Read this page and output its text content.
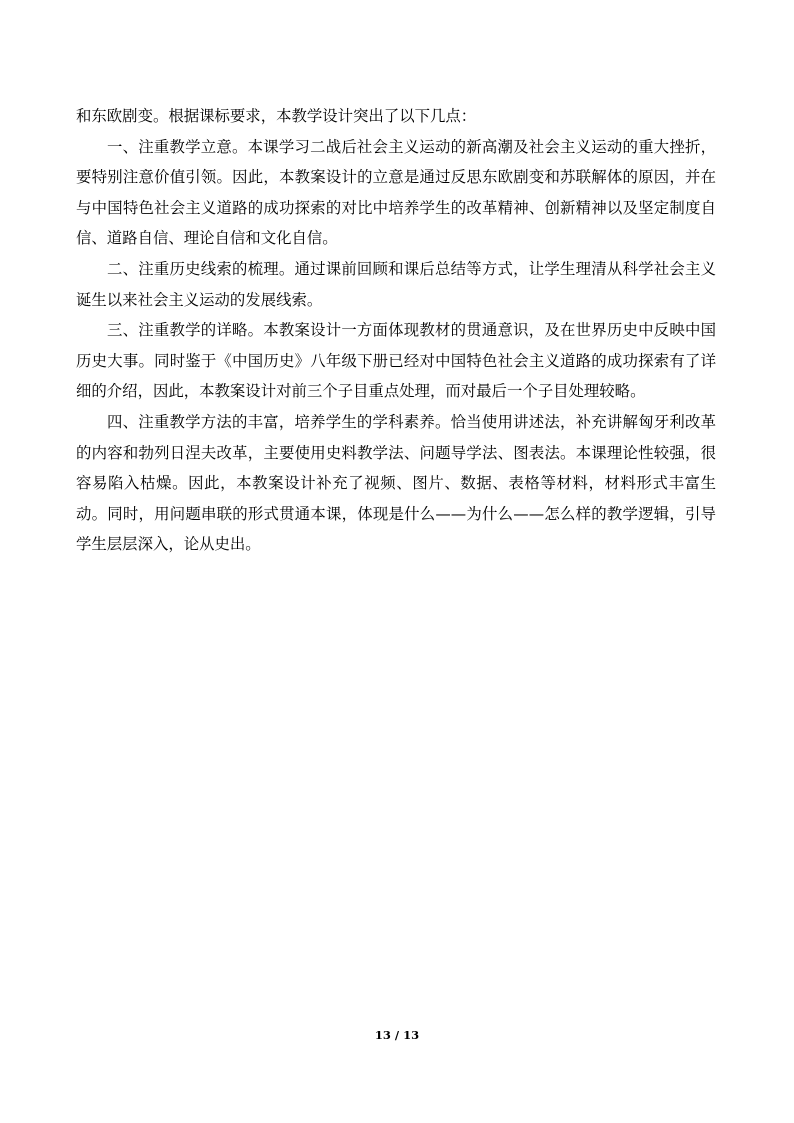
和东欧剧变。根据课标要求，本教学设计突出了以下几点：

一、注重教学立意。本课学习二战后社会主义运动的新高潮及社会主义运动的重大挫折，要特别注意价值引领。因此，本教案设计的立意是通过反思东欧剧变和苏联解体的原因，并在与中国特色社会主义道路的成功探索的对比中培养学生的改革精神、创新精神以及坚定制度自信、道路自信、理论自信和文化自信。

二、注重历史线索的梳理。通过课前回顾和课后总结等方式，让学生理清从科学社会主义诞生以来社会主义运动的发展线索。

三、注重教学的详略。本教案设计一方面体现教材的贯通意识，及在世界历史中反映中国历史大事。同时鉴于《中国历史》八年级下册已经对中国特色社会主义道路的成功探索有了详细的介绍，因此，本教案设计对前三个子目重点处理，而对最后一个子目处理较略。

四、注重教学方法的丰富，培养学生的学科素养。恰当使用讲述法，补充讲解匈牙利改革的内容和勃列日涅夫改革，主要使用史料教学法、问题导学法、图表法。本课理论性较强，很容易陷入枯燥。因此，本教案设计补充了视频、图片、数据、表格等材料，材料形式丰富生动。同时，用问题串联的形式贯通本课，体现是什么——为什么——怎么样的教学逻辑，引导学生层层深入，论从史出。

13 / 13
